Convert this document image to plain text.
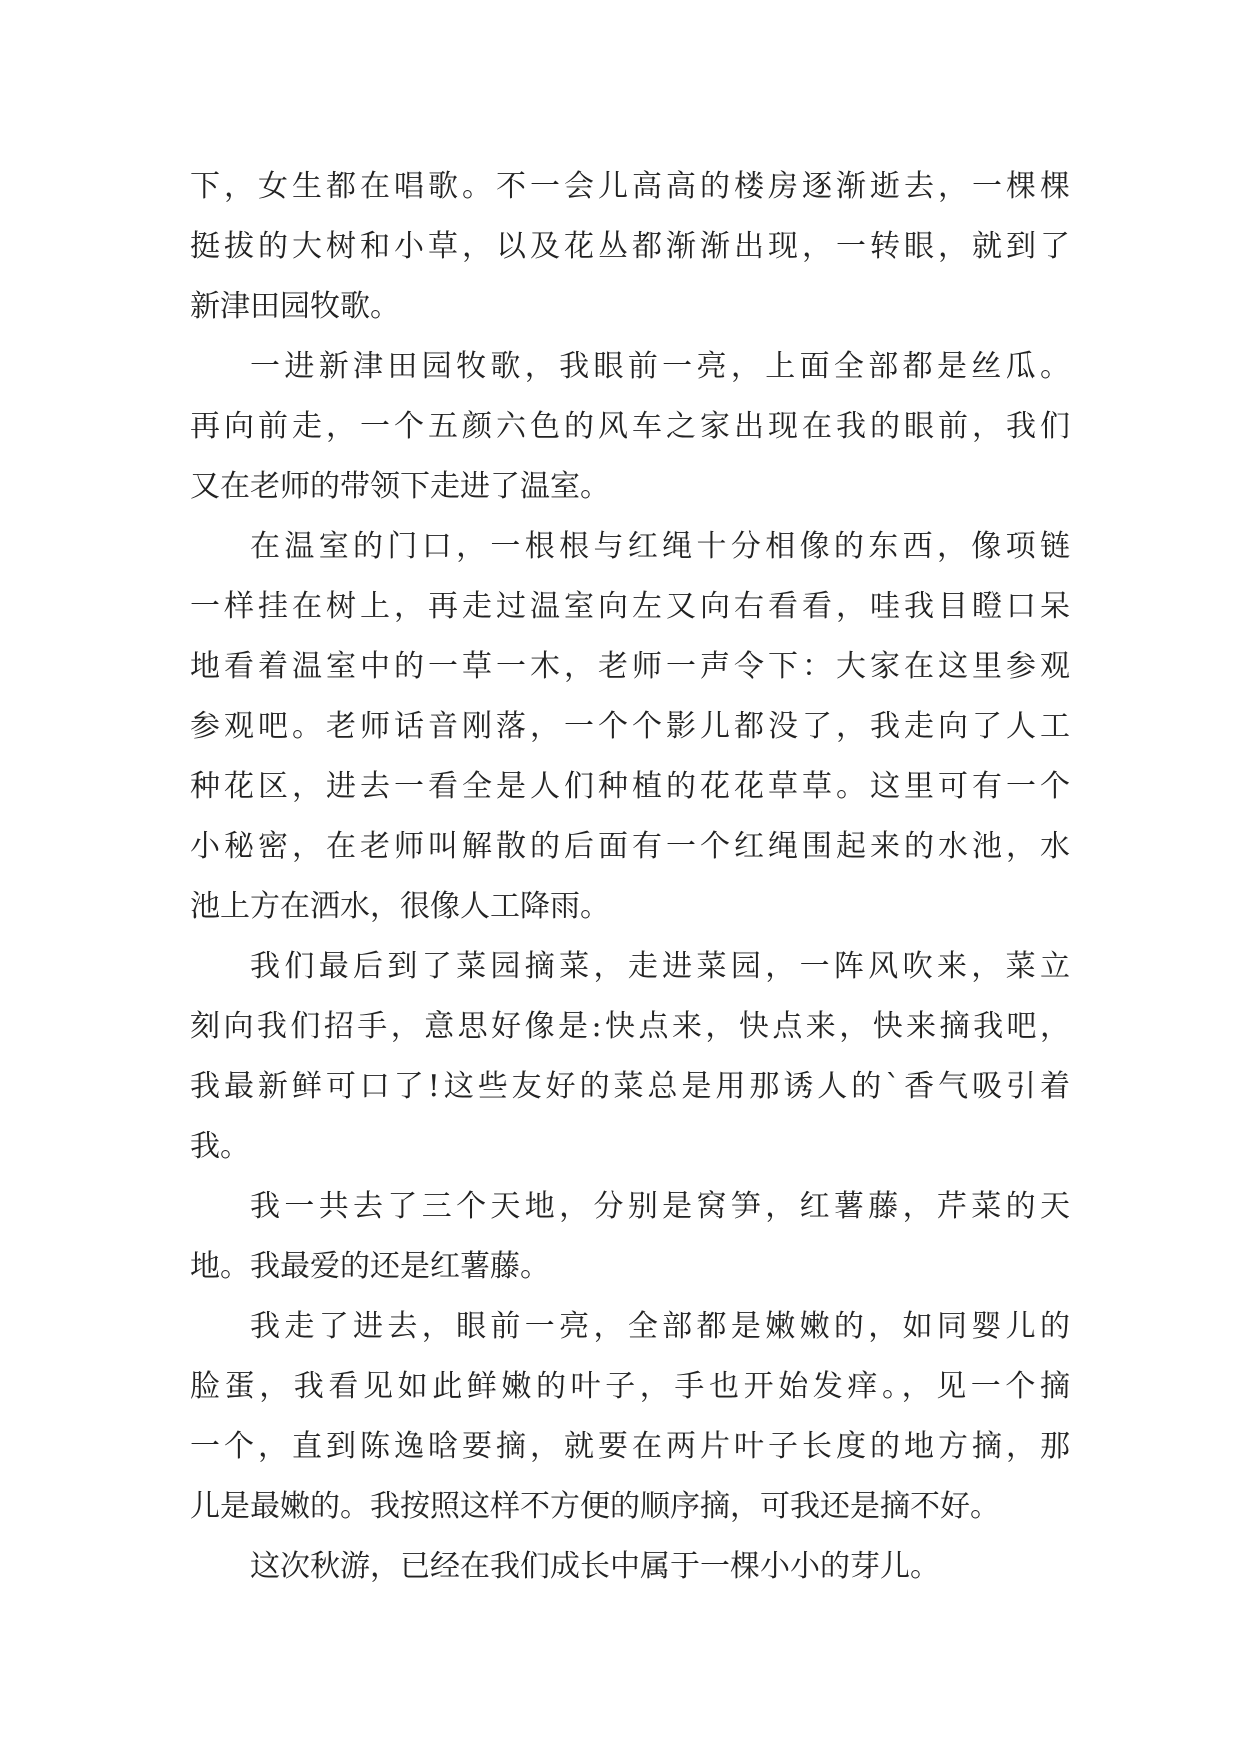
下，女生都在唱歌。不一会儿高高的楼房逐渐逝去，一棵棵
挺拔的大树和小草，以及花丛都渐渐出现，一转眼，就到了
新津田园牧歌。

一进新津田园牧歌，我眼前一亮，上面全部都是丝瓜。
再向前走，一个五颜六色的风车之家出现在我的眼前，我们
又在老师的带领下走进了温室。

在温室的门口，一根根与红绳十分相像的东西，像项链
一样挂在树上，再走过温室向左又向右看看，哇我目瞪口呆
地看着温室中的一草一木，老师一声令下：大家在这里参观
参观吧。老师话音刚落，一个个影儿都没了，我走向了人工
种花区，进去一看全是人们种植的花花草草。这里可有一个
小秘密，在老师叫解散的后面有一个红绳围起来的水池，水
池上方在洒水，很像人工降雨。

我们最后到了菜园摘菜，走进菜园，一阵风吹来，菜立
刻向我们招手，意思好像是:快点来，快点来，快来摘我吧，
我最新鲜可口了!这些友好的菜总是用那诱人的`香气吸引着
我。

我一共去了三个天地，分别是窝笋，红薯藤，芹菜的天
地。我最爱的还是红薯藤。

我走了进去，眼前一亮，全部都是嫩嫩的，如同婴儿的
脸蛋，我看见如此鲜嫩的叶子，手也开始发痒。，见一个摘
一个，直到陈逸晗要摘，就要在两片叶子长度的地方摘，那
儿是最嫩的。我按照这样不方便的顺序摘，可我还是摘不好。

这次秋游，已经在我们成长中属于一棵小小的芽儿。
